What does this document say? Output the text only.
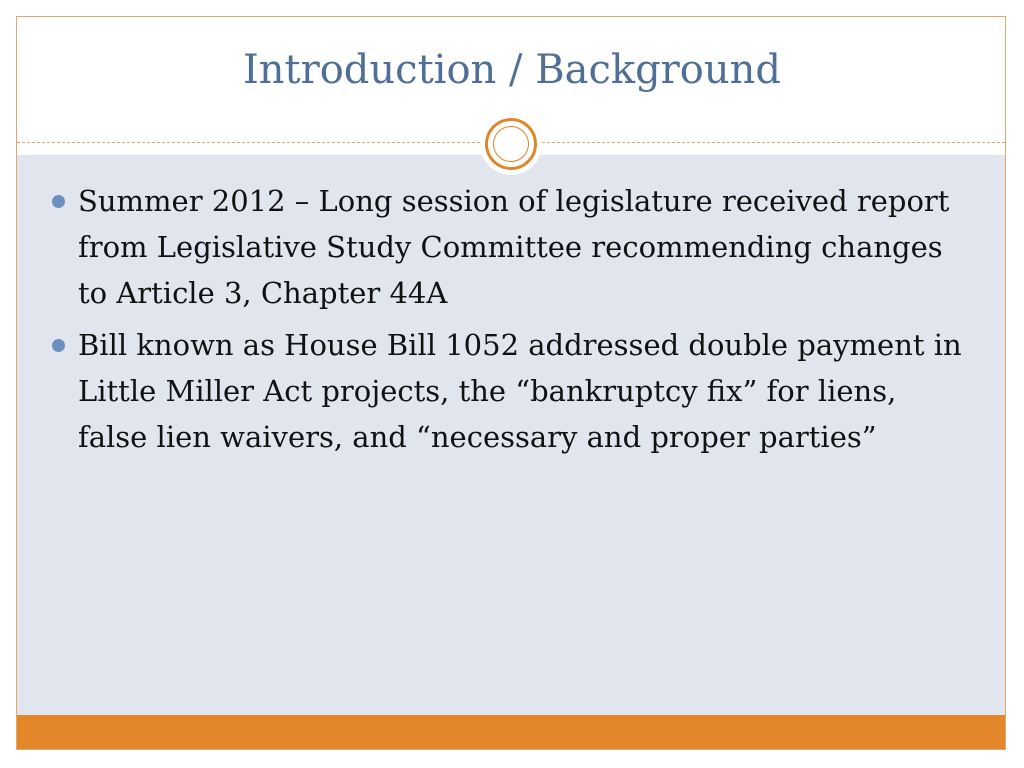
Introduction / Background
Summer 2012 – Long session of legislature received report from Legislative Study Committee recommending changes to Article 3, Chapter 44A
Bill known as House Bill 1052 addressed double payment in Little Miller Act projects, the “bankruptcy fix” for liens, false lien waivers, and “necessary and proper parties”
